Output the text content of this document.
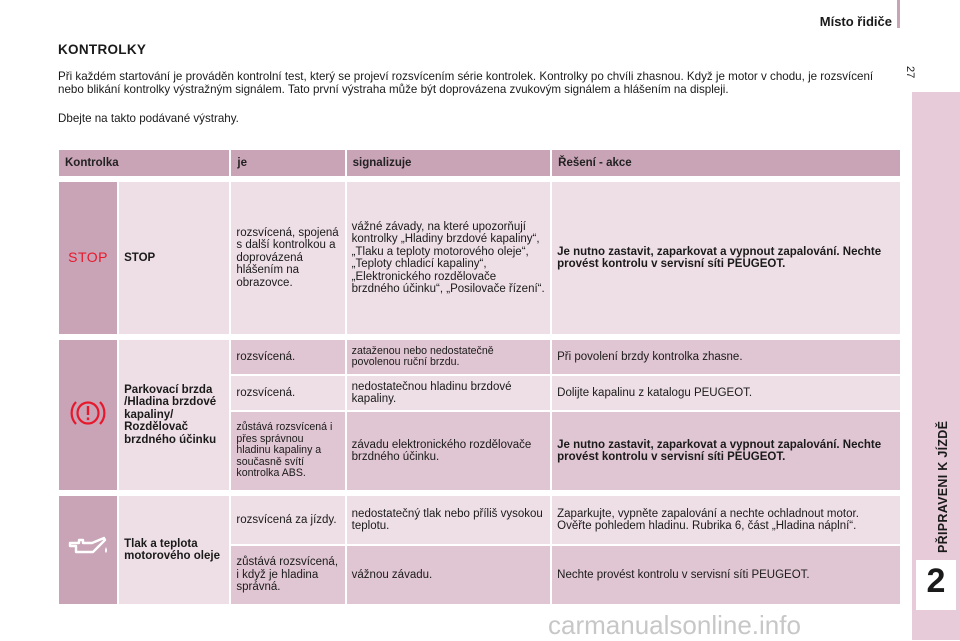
Místo řidiče
27
PŘIPRAVENI K JÍZDĚ
2
KONTROLKY

Při každém startování je prováděn kontrolní test, který se projeví rozsvícením série kontrolek. Kontrolky po chvíli zhasnou. Když je motor v chodu, je rozsvícení nebo blikání kontrolky výstražným signálem. Tato první výstraha může být doprovázena zvukovým signálem a hlášením na displeji.

Dbejte na takto podávané výstrahy.

Kontrolka		je	signalizuje	Řešení - akce

STOP	STOP	rozsvícená, spojená s další kontrolkou a doprovázená hlášením na obrazovce.	vážné závady, na které upozorňují kontrolky „Hladiny brzdové kapaliny“, „Tlaku a teploty motorového oleje“, „Teploty chladicí kapaliny“, „Elektronického rozdělovače brzdného účinku“, „Posilovače řízení“.	Je nutno zastavit, zaparkovat a vypnout zapalování. Nechte provést kontrolu v servisní síti PEUGEOT.

	Parkovací brzda /Hladina brzdové kapaliny/ Rozdělovač brzdného účinku	rozsvícená.	zataženou nebo nedostatečně povolenou ruční brzdu.	Při povolení brzdy kontrolka zhasne.
		rozsvícená.	nedostatečnou hladinu brzdové kapaliny.	Dolijte kapalinu z katalogu PEUGEOT.
		zůstává rozsvícená i přes správnou hladinu kapaliny a současně svítí kontrolka ABS.	závadu elektronického rozdělovače brzdného účinku.	Je nutno zastavit, zaparkovat a vypnout zapalování. Nechte provést kontrolu v servisní síti PEUGEOT.

	Tlak a teplota motorového oleje	rozsvícená za jízdy.	nedostatečný tlak nebo příliš vysokou teplotu.	Zaparkujte, vypněte zapalování a nechte ochladnout motor. Ověřte pohledem hladinu. Rubrika 6, část „Hladina náplní“.
		zůstává rozsvícená, i když je hladina správná.	vážnou závadu.	Nechte provést kontrolu v servisní síti PEUGEOT.
carmanualsonline.info
